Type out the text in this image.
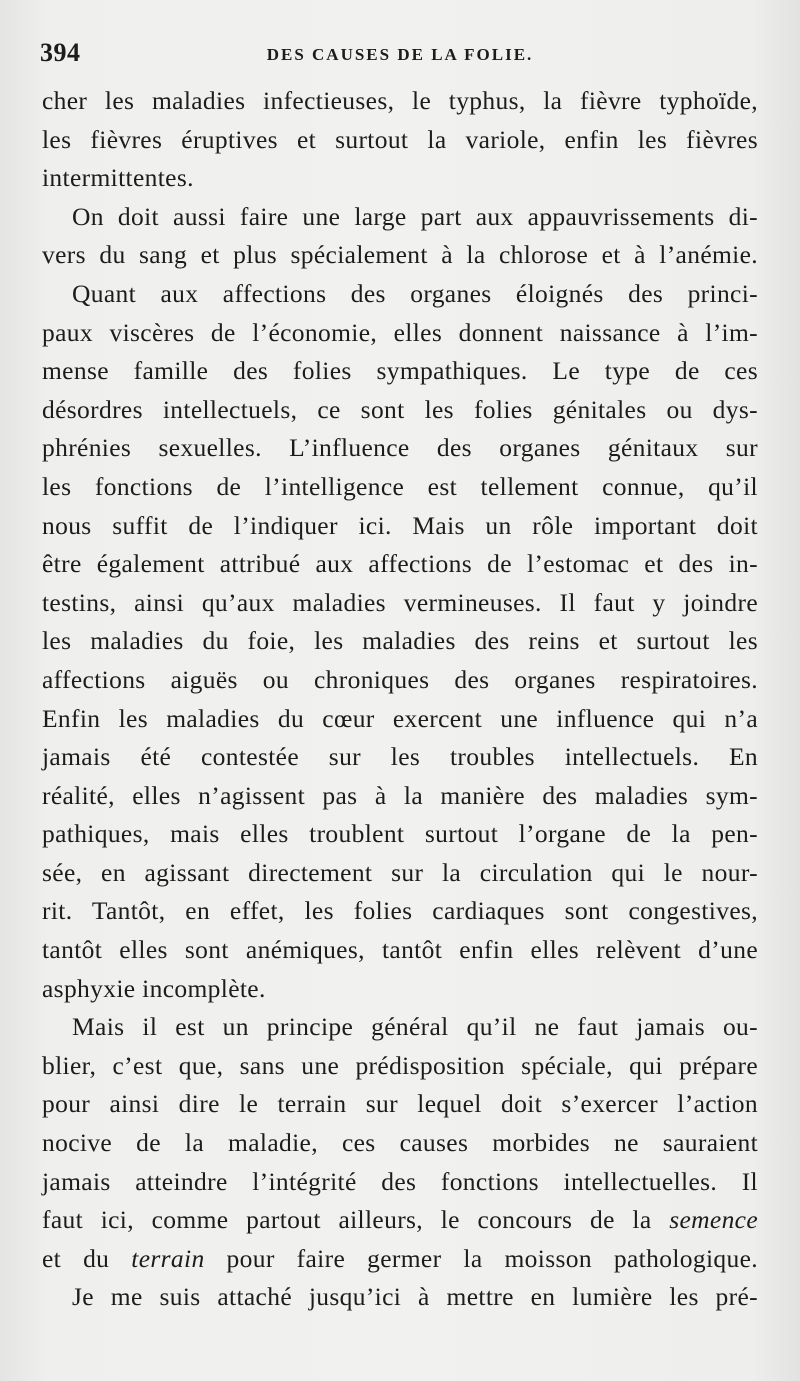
394	DES CAUSES DE LA FOLIE.
cher les maladies infectieuses, le typhus, la fièvre typhoïde,
les fièvres éruptives et surtout la variole, enfin les fièvres
intermittentes.
On doit aussi faire une large part aux appauvrissements di-
vers du sang et plus spécialement à la chlorose et à l’anémie.
Quant aux affections des organes éloignés des princi-
paux viscères de l’économie, elles donnent naissance à l’im-
mense famille des folies sympathiques. Le type de ces
désordres intellectuels, ce sont les folies génitales ou dys-
phrénies sexuelles. L’influence des organes génitaux sur
les fonctions de l’intelligence est tellement connue, qu’il
nous suffit de l’indiquer ici. Mais un rôle important doit
être également attribué aux affections de l’estomac et des in-
testins, ainsi qu’aux maladies vermineuses. Il faut y joindre
les maladies du foie, les maladies des reins et surtout les
affections aiguës ou chroniques des organes respiratoires.
Enfin les maladies du cœur exercent une influence qui n’a
jamais été contestée sur les troubles intellectuels. En
réalité, elles n’agissent pas à la manière des maladies sym-
pathiques, mais elles troublent surtout l’organe de la pen-
sée, en agissant directement sur la circulation qui le nour-
rit. Tantôt, en effet, les folies cardiaques sont congestives,
tantôt elles sont anémiques, tantôt enfin elles relèvent d’une
asphyxie incomplète.
Mais il est un principe général qu’il ne faut jamais ou-
blier, c’est que, sans une prédisposition spéciale, qui prépare
pour ainsi dire le terrain sur lequel doit s’exercer l’action
nocive de la maladie, ces causes morbides ne sauraient
jamais atteindre l’intégrité des fonctions intellectuelles. Il
faut ici, comme partout ailleurs, le concours de la semence
et du terrain pour faire germer la moisson pathologique.
Je me suis attaché jusqu’ici à mettre en lumière les pré-
